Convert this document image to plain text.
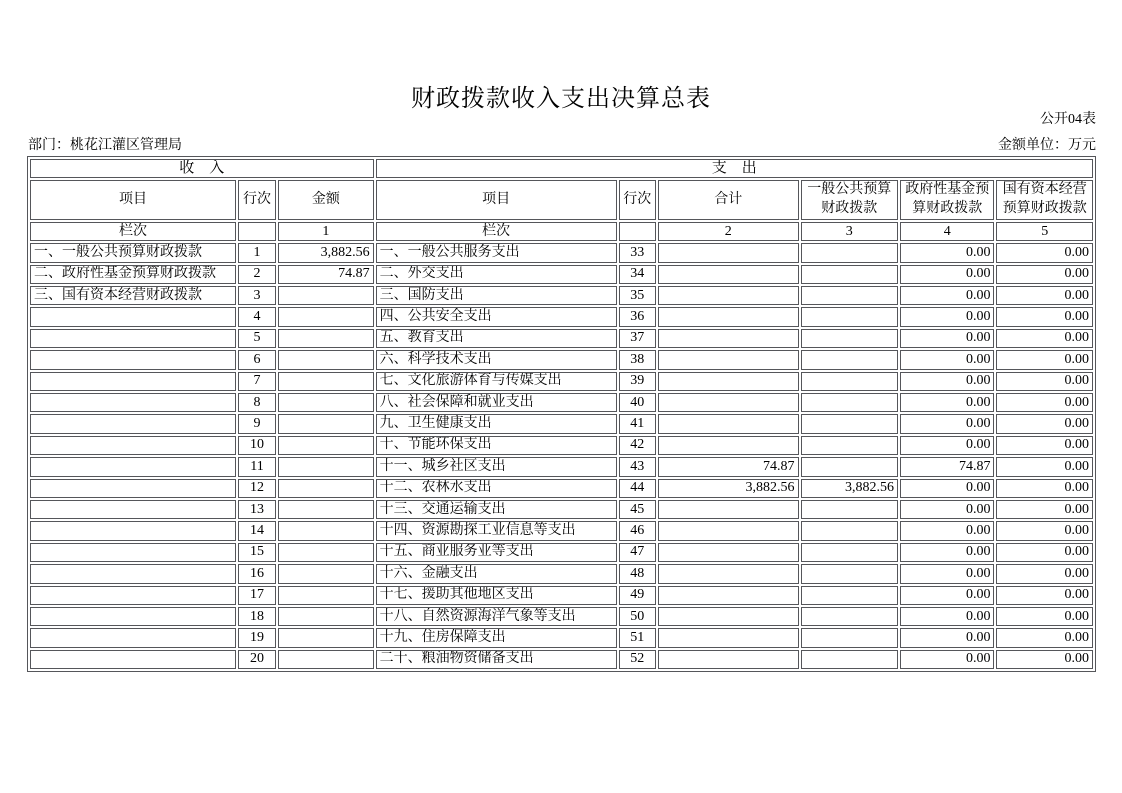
财政拨款收入支出决算总表
公开04表
部门：桃花江灌区管理局	金额单位：万元
收　入			支　出					
项目	行次	金额	项目	行次	合计	一般公共预算财政拨款	政府性基金预算财政拨款	国有资本经营预算财政拨款
栏次		1	栏次		2	3	4	5
一、一般公共预算财政拨款	1	3,882.56	一、一般公共服务支出	33			0.00	0.00
二、政府性基金预算财政拨款	2	74.87	二、外交支出	34			0.00	0.00
三、国有资本经营财政拨款	3		三、国防支出	35			0.00	0.00
	4		四、公共安全支出	36			0.00	0.00
	5		五、教育支出	37			0.00	0.00
	6		六、科学技术支出	38			0.00	0.00
	7		七、文化旅游体育与传媒支出	39			0.00	0.00
	8		八、社会保障和就业支出	40			0.00	0.00
	9		九、卫生健康支出	41			0.00	0.00
	10		十、节能环保支出	42			0.00	0.00
	11		十一、城乡社区支出	43	74.87		74.87	0.00
	12		十二、农林水支出	44	3,882.56	3,882.56	0.00	0.00
	13		十三、交通运输支出	45			0.00	0.00
	14		十四、资源勘探工业信息等支出	46			0.00	0.00
	15		十五、商业服务业等支出	47			0.00	0.00
	16		十六、金融支出	48			0.00	0.00
	17		十七、援助其他地区支出	49			0.00	0.00
	18		十八、自然资源海洋气象等支出	50			0.00	0.00
	19		十九、住房保障支出	51			0.00	0.00
	20		二十、粮油物资储备支出	52			0.00	0.00
